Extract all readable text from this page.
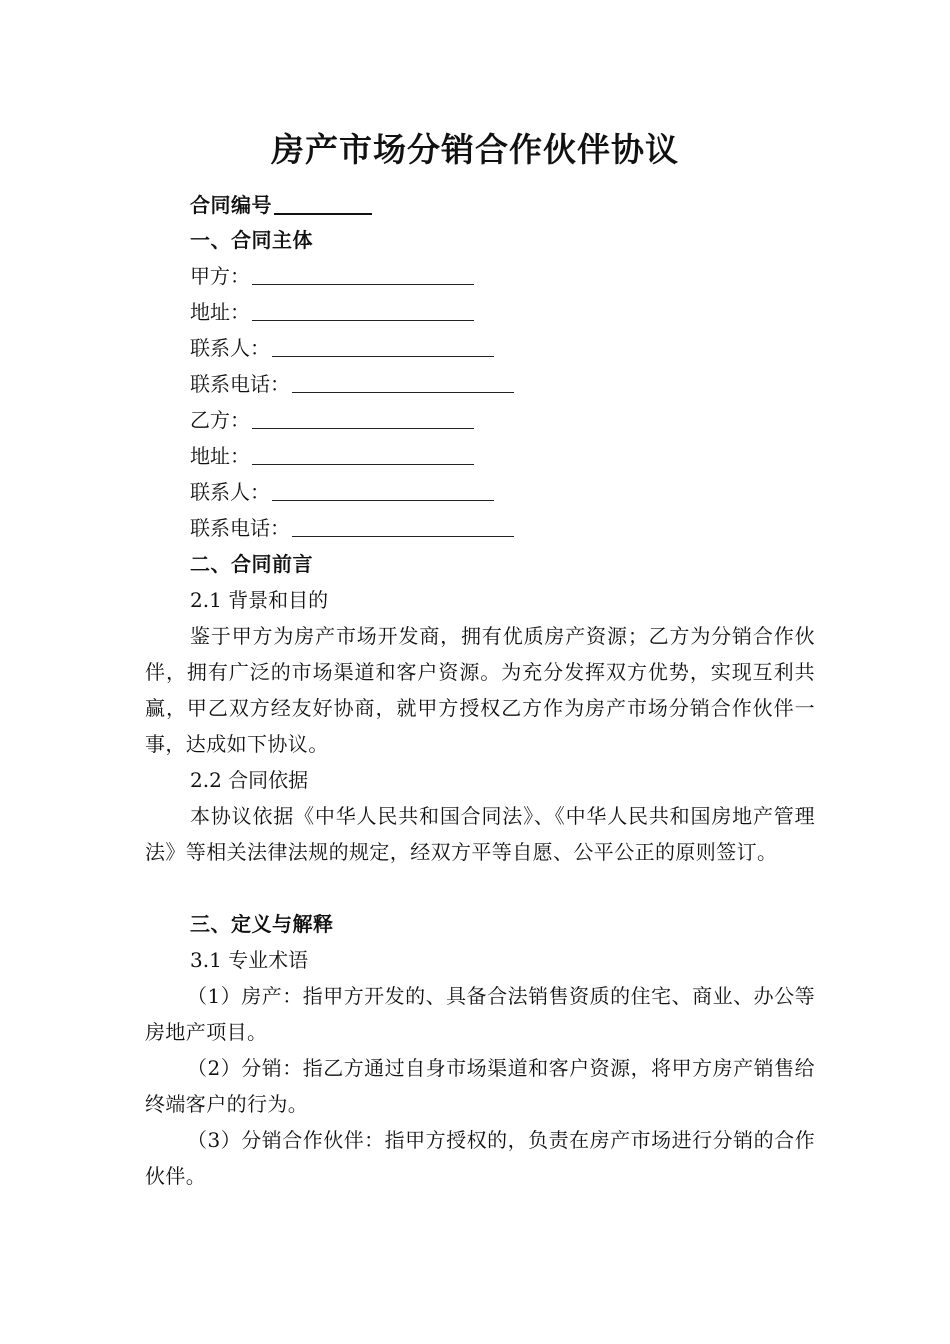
房产市场分销合作伙伴协议
合同编号
一、合同主体
甲方：
地址：
联系人：
联系电话：
乙方：
地址：
联系人：
联系电话：
二、合同前言
2.1 背景和目的
鉴于甲方为房产市场开发商，拥有优质房产资源；乙方为分销合作伙伴，拥有广泛的市场渠道和客户资源。为充分发挥双方优势，实现互利共赢，甲乙双方经友好协商，就甲方授权乙方作为房产市场分销合作伙伴一事，达成如下协议。
2.2 合同依据
本协议依据《中华人民共和国合同法》、《中华人民共和国房地产管理法》等相关法律法规的规定，经双方平等自愿、公平公正的原则签订。
三、定义与解释
3.1 专业术语
（1）房产：指甲方开发的、具备合法销售资质的住宅、商业、办公等房地产项目。
（2）分销：指乙方通过自身市场渠道和客户资源，将甲方房产销售给终端客户的行为。
（3）分销合作伙伴：指甲方授权的，负责在房产市场进行分销的合作伙伴。
